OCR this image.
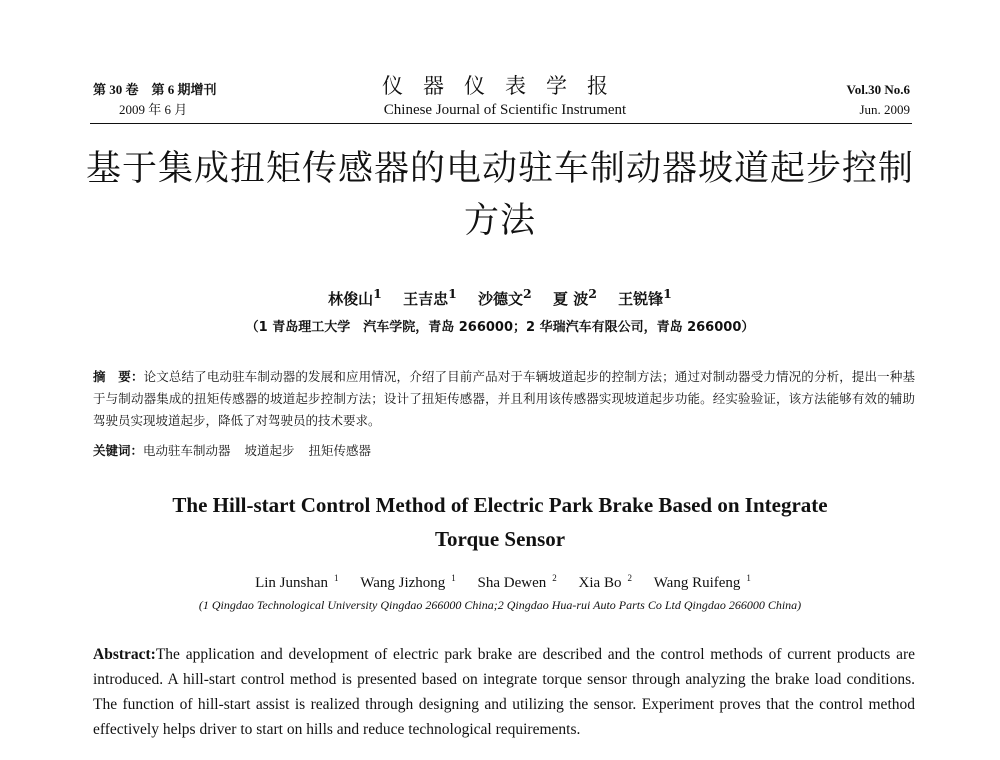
第 30 卷　第 6 期增刊
2009 年 6 月
仪器仪表学报
Chinese Journal of Scientific Instrument
Vol.30 No.6
Jun. 2009
基于集成扭矩传感器的电动驻车制动器坡道起步控制方法
林俊山$^1$ 王吉忠$^1$ 沙德文$^2$ 夏 波$^2$ 王锐锋$^1$
（1 青岛理工大学　汽车学院，青岛 266000；2 华瑞汽车有限公司，青岛 266000）
摘　要：论文总结了电动驻车制动器的发展和应用情况，介绍了目前产品对于车辆坡道起步的控制方法；通过对制动器受力情况的分析，提出一种基于与制动器集成的扭矩传感器的坡道起步控制方法；设计了扭矩传感器，并且利用该传感器实现坡道起步功能。经实验验证，该方法能够有效的辅助驾驶员实现坡道起步，降低了对驾驶员的技术要求。
关键词：电动驻车制动器 坡道起步 扭矩传感器
The Hill-start Control Method of Electric Park Brake Based on Integrate
Torque Sensor
Lin Junshan $^1$ Wang Jizhong $^1$ Sha Dewen $^2$ Xia Bo $^2$ Wang Ruifeng $^1$
(1 Qingdao Technological University Qingdao 266000 China;2 Qingdao Hua-rui Auto Parts Co Ltd Qingdao 266000 China)
Abstract:The application and development of electric park brake are described and the control methods of current products are introduced. A hill-start control method is presented based on integrate torque sensor through analyzing the brake load conditions. The function of hill-start assist is realized through designing and utilizing the sensor. Experiment proves that the control method effectively helps driver to start on hills and reduce technological requirements.
